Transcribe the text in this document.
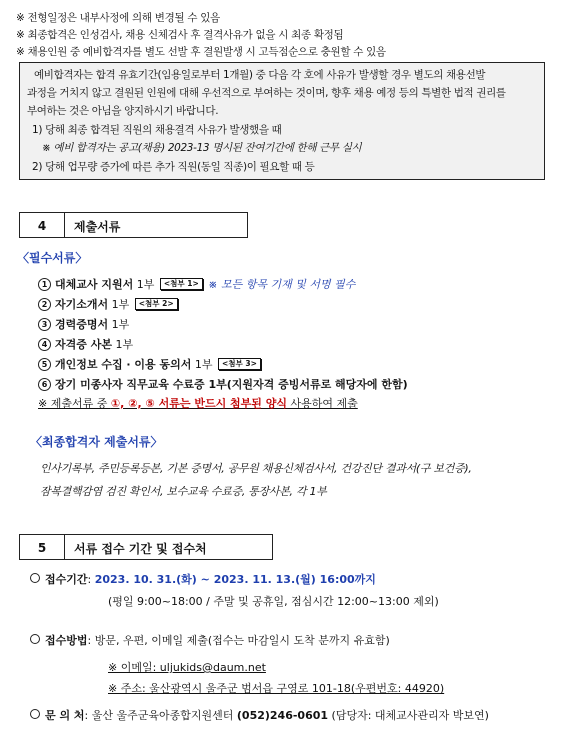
※ 전형일정은 내부사정에 의해 변경될 수 있음
※ 최종합격은 인성검사, 채용 신체검사 후 결격사유가 없을 시 최종 확정됨
※ 채용인원 중 예비합격자를 별도 선발 후 결원발생 시 고득점순으로 충원할 수 있음
예비합격자는 합격 유효기간(임용일로부터 1개월) 중 다음 각 호에 사유가 발생할 경우 별도의 채용선발
과정을 거치지 않고 결원된 인원에 대해 우선적으로 부여하는 것이며, 향후 채용 예정 등의 특별한 법적 권리를
부여하는 것은 아님을 양지하시기 바랍니다.
1) 당해 최종 합격된 직원의 채용결격 사유가 발생했을 때
※ 예비 합격자는 공고(채용) 2023-13 명시된 잔여기간에 한해 근무 실시
2) 당해 업무량 증가에 따른 추가 직원(동일 직종)이 필요할 때 등
4	제출서류
〈필수서류〉
1 대체교사 지원서 1부 <첨부 1> ※ 모든 항목 기재 및 서명 필수
2 자기소개서 1부 <첨부 2>
3 경력증명서 1부
4 자격증 사본 1부
5 개인정보 수집 · 이용 동의서 1부 <첨부 3>
6 장기 미종사자 직무교육 수료증 1부(지원자격 증빙서류로 해당자에 한함)
※ 제출서류 중 ①, ②, ⑤ 서류는 반드시 첨부된 양식 사용하여 제출
〈최종합격자 제출서류〉
인사기록부, 주민등록등본, 기본 증명서, 공무원 채용신체검사서, 건강진단 결과서(구 보건증),
잠복결핵감염 검진 확인서, 보수교육 수료증, 통장사본, 각 1부
5	서류 접수 기간 및 접수처
접수기간: 2023. 10. 31.(화) ~ 2023. 11. 13.(월) 16:00까지
(평일 9:00~18:00 / 주말 및 공휴일, 점심시간 12:00~13:00 제외)
접수방법: 방문, 우편, 이메일 제출(접수는 마감일시 도착 분까지 유효함)
※ 이메일: uljukids@daum.net
※ 주소: 울산광역시 울주군 범서읍 구영로 101-18(우편번호: 44920)
문 의 처: 울산 울주군육아종합지원센터 (052)246-0601 (담당자: 대체교사관리자 박보연)
